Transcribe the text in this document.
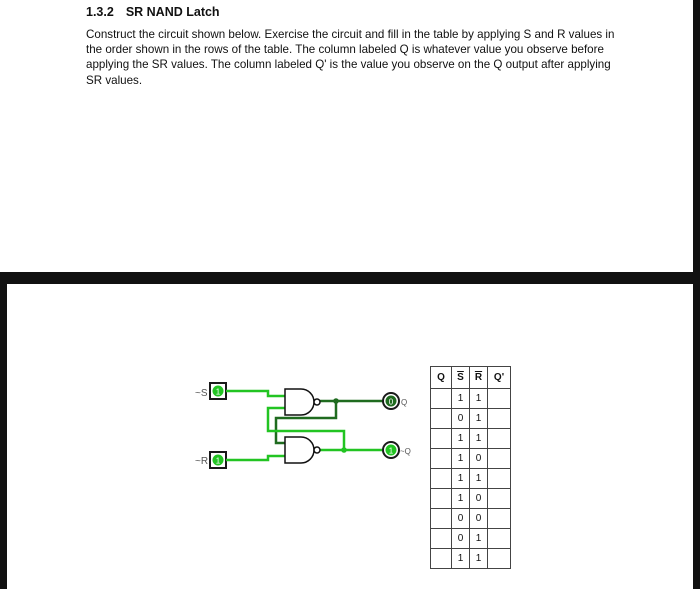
1.3.2 SR NAND Latch
Construct the circuit shown below. Exercise the circuit and fill in the table by applying S and R values in the order shown in the rows of the table. The column labeled Q is whatever value you observe before applying the SR values. The column labeled Q' is the value you observe on the Q output after applying SR values.
~S
~R
1
1
0 Q
1 ~Q
Q	$\overline{S}$	$\overline{R}$	Q'
	1	1	
	0	1	
	1	1	
	1	0	
	1	1	
	1	0	
	0	0	
	0	1	
	1	1	
